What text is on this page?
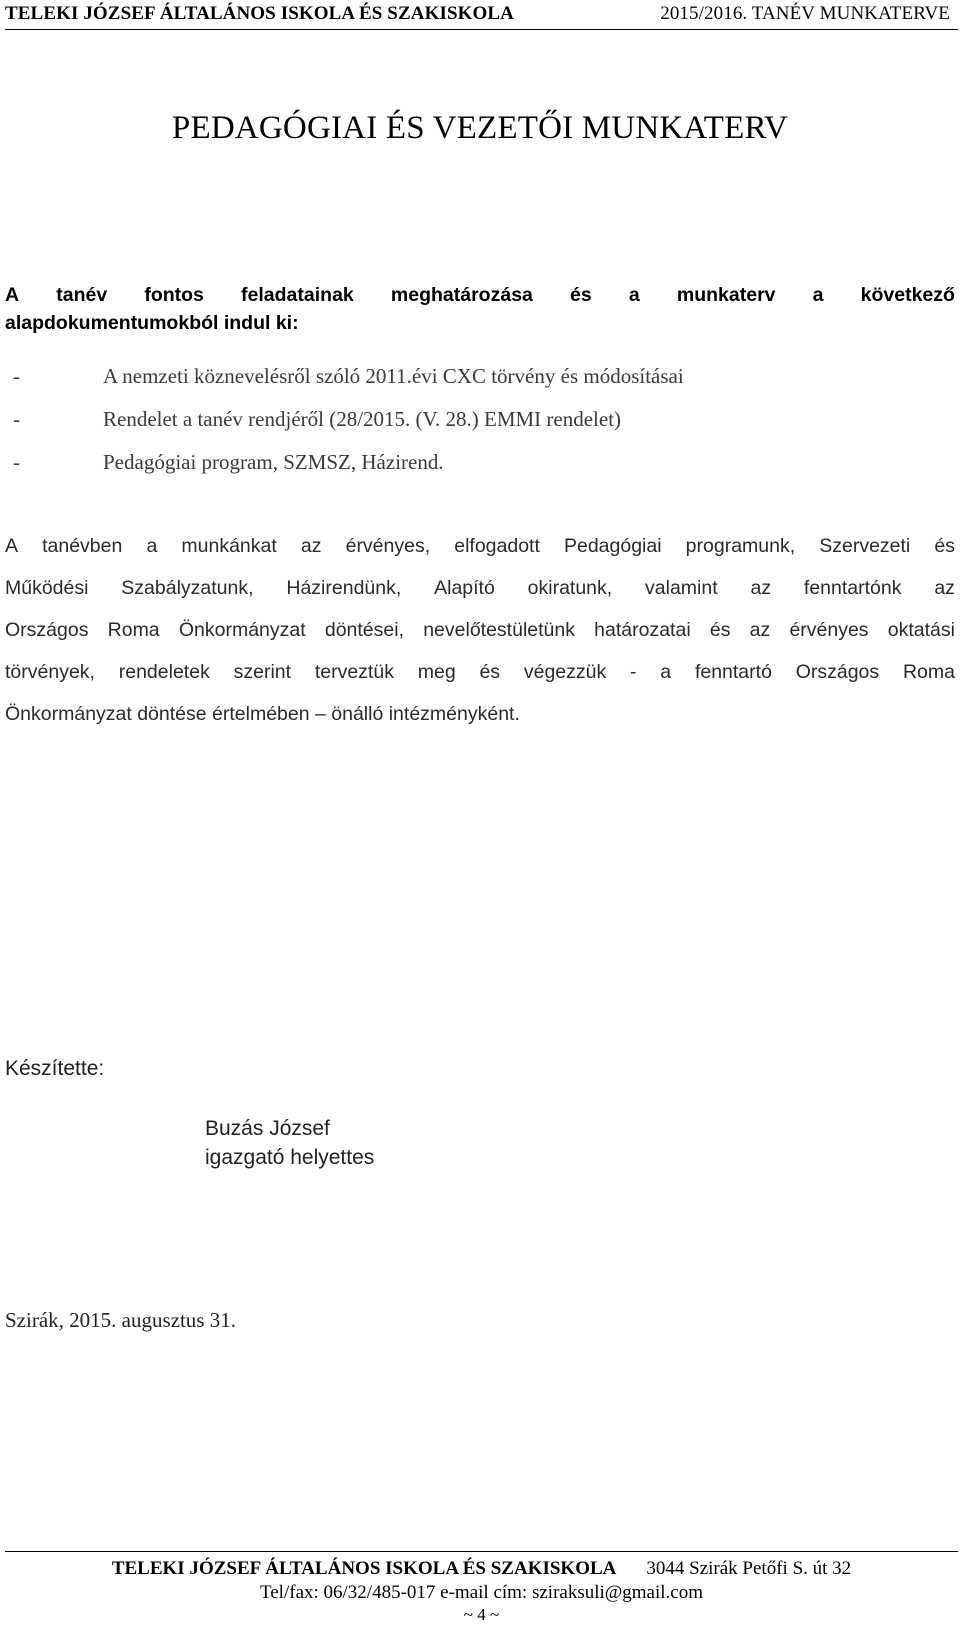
TELEKI JÓZSEF ÁLTALÁNOS ISKOLA ÉS SZAKISKOLA	2015/2016. TANÉV MUNKATERVE
PEDAGÓGIAI ÉS VEZETŐI MUNKATERV
A tanév fontos feladatainak meghatározása és a munkaterv a következő
alapdokumentumokból indul ki:
-	A nemzeti köznevelésről szóló 2011.évi CXC törvény és módosításai
-	Rendelet a tanév rendjéről (28/2015. (V. 28.) EMMI rendelet)
-	Pedagógiai program, SZMSZ, Házirend.
A tanévben a munkánkat az érvényes, elfogadott Pedagógiai programunk, Szervezeti és
Működési Szabályzatunk, Házirendünk, Alapító okiratunk, valamint az fenntartónk az
Országos Roma Önkormányzat döntései, nevelőtestületünk határozatai és az érvényes oktatási
törvények, rendeletek szerint terveztük meg és végezzük - a fenntartó Országos Roma
Önkormányzat döntése értelmében – önálló intézményként.
Készítette:
Buzás József
igazgató helyettes
Szirák, 2015. augusztus 31.
TELEKI JÓZSEF ÁLTALÁNOS ISKOLA ÉS SZAKISKOLA 3044 Szirák Petőfi S. út 32
Tel/fax: 06/32/485-017 e-mail cím: sziraksuli@gmail.com
~ 4 ~
